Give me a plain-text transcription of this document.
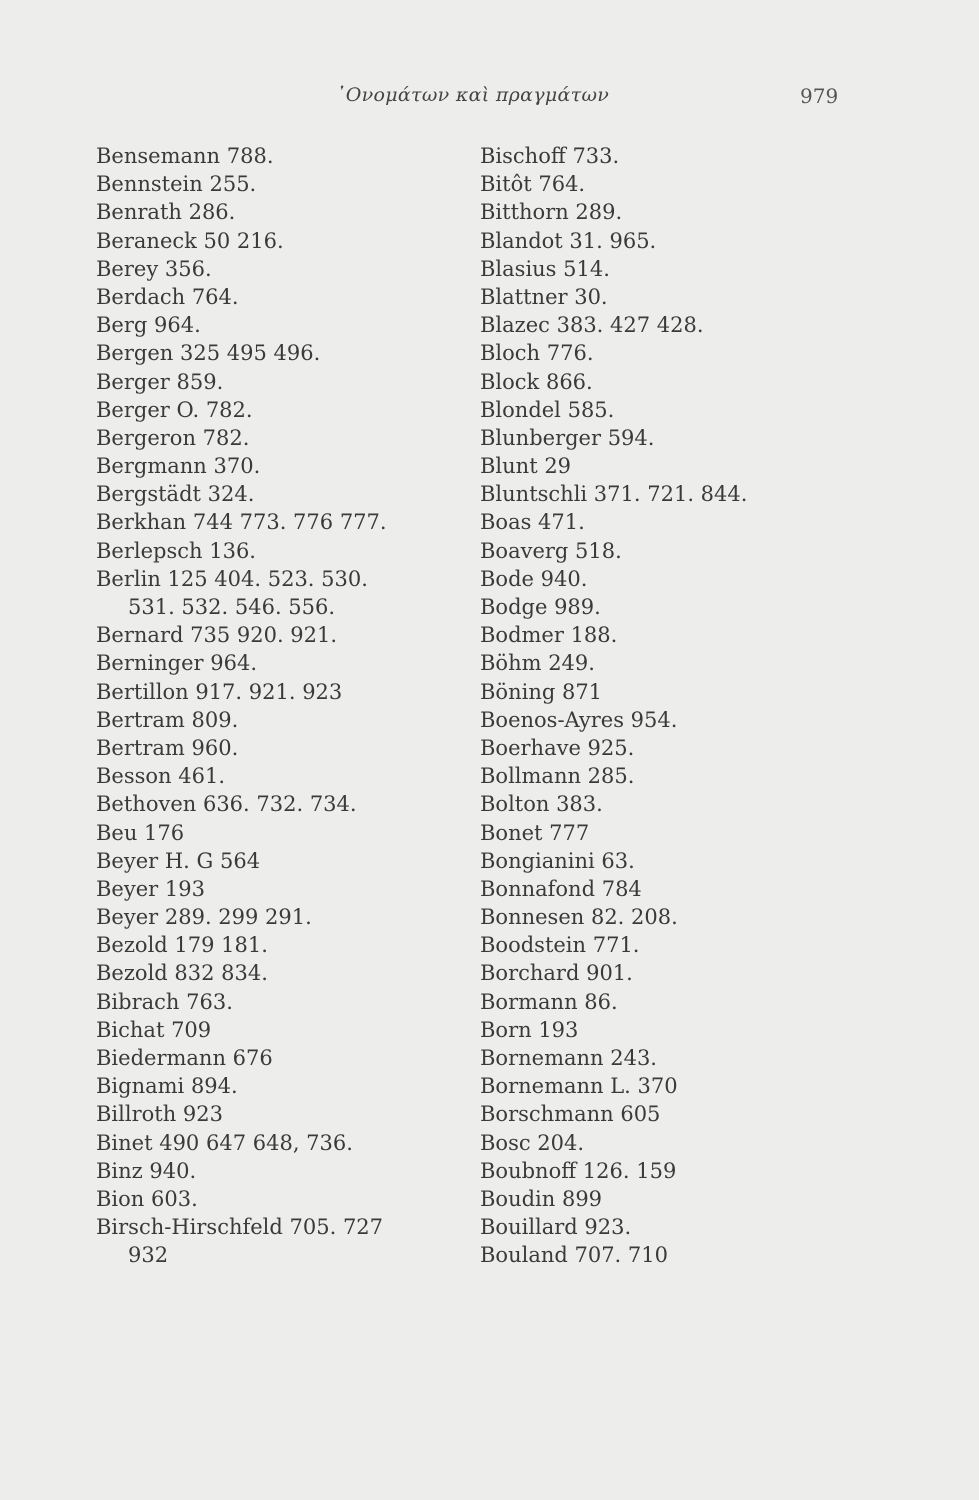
᾽Ονομάτων καὶ πραγμάτων	979
Bensemann 788.
Bennstein 255.
Benrath 286.
Beraneck 50 216.
Berey 356.
Berdach 764.
Berg 964.
Bergen 325 495 496.
Berger 859.
Berger O. 782.
Bergeron 782.
Bergmann 370.
Bergstädt 324.
Berkhan 744 773. 776 777.
Berlepsch 136.
Berlin 125 404. 523. 530.
531. 532. 546. 556.
Bernard 735 920. 921.
Berninger 964.
Bertillon 917. 921. 923
Bertram 809.
Bertram 960.
Besson 461.
Bethoven 636. 732. 734.
Beu 176
Beyer H. G 564
Beyer 193
Beyer 289. 299 291.
Bezold 179 181.
Bezold 832 834.
Bibrach 763.
Bichat 709
Biedermann 676
Bignami 894.
Billroth 923
Binet 490 647 648, 736.
Binz 940.
Bion 603.
Birsch-Hirschfeld 705. 727
932
Bischoff 733.
Bitôt 764.
Bitthorn 289.
Blandot 31. 965.
Blasius 514.
Blattner 30.
Blazec 383. 427 428.
Bloch 776.
Block 866.
Blondel 585.
Blunberger 594.
Blunt 29
Bluntschli 371. 721. 844.
Boas 471.
Boaverg 518.
Bode 940.
Bodge 989.
Bodmer 188.
Böhm 249.
Böning 871
Boenos-Ayres 954.
Boerhave 925.
Bollmann 285.
Bolton 383.
Bonet 777
Bongianini 63.
Bonnafond 784
Bonnesen 82. 208.
Boodstein 771.
Borchard 901.
Bormann 86.
Born 193
Bornemann 243.
Bornemann L. 370
Borschmann 605
Bosc 204.
Boubnoff 126. 159
Boudin 899
Bouillard 923.
Bouland 707. 710
